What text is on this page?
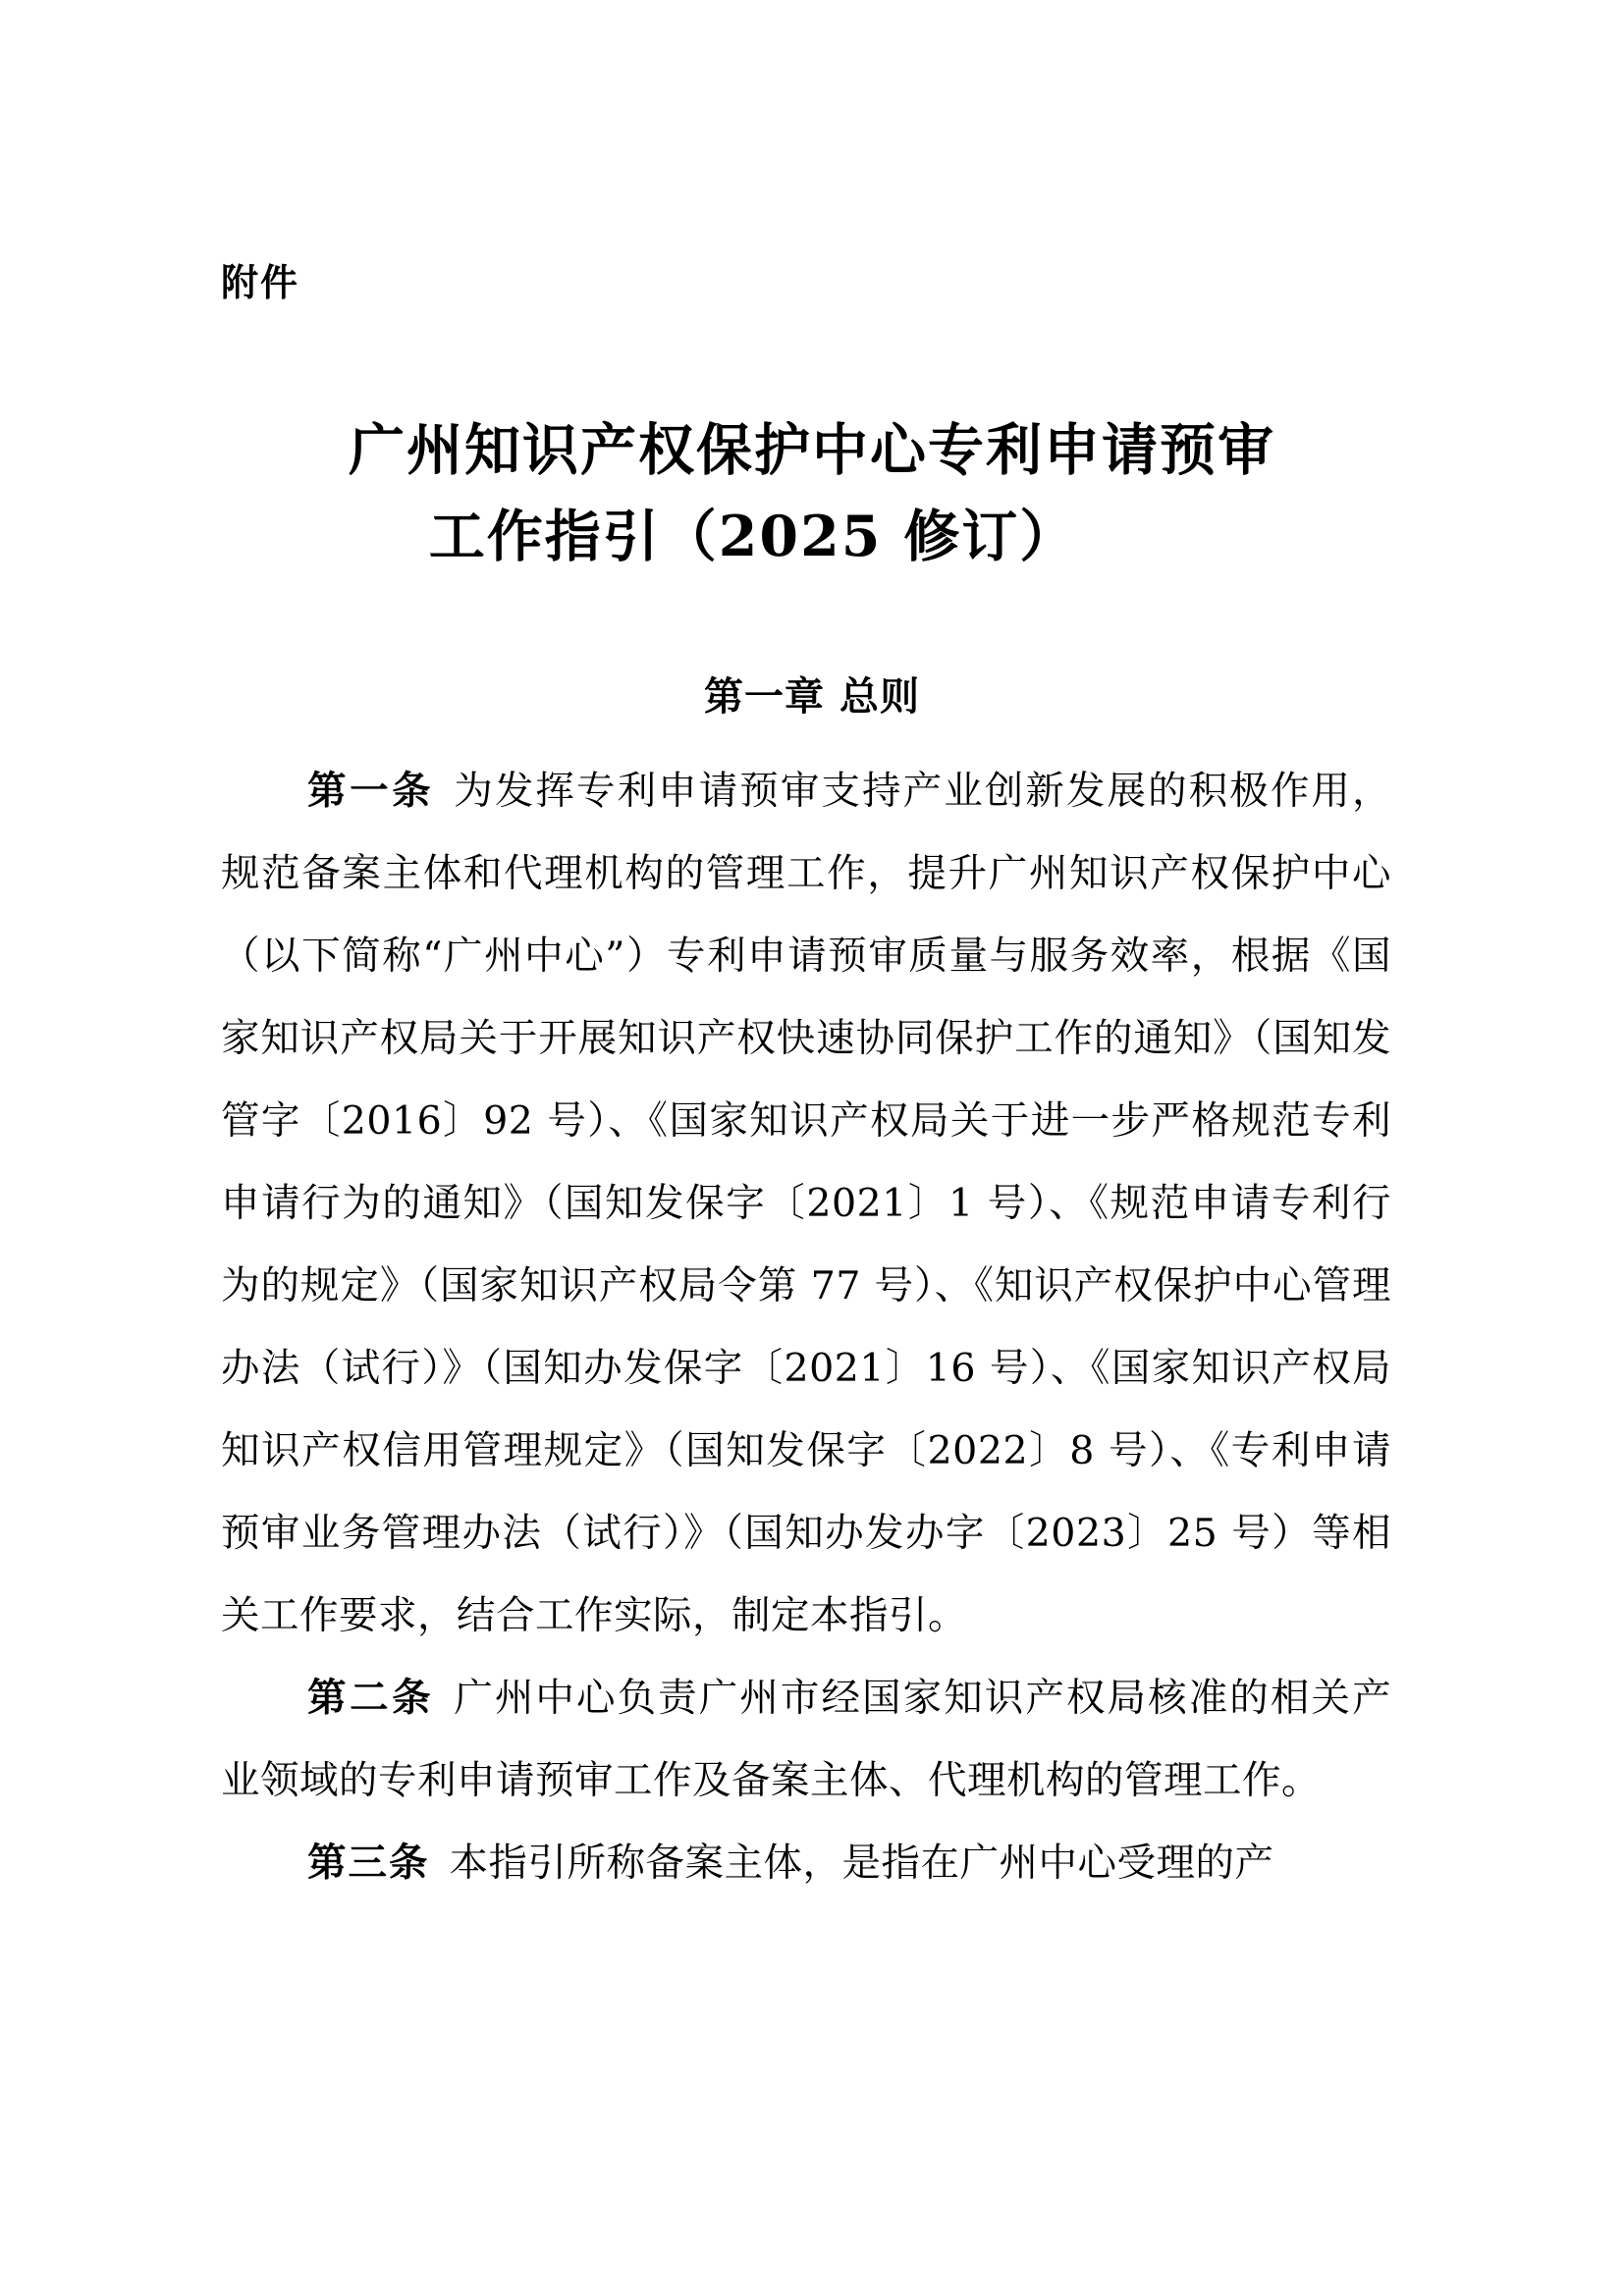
附件
广州知识产权保护中心专利申请预审
工作指引（2025 修订）
第一章 总则

第一条 为发挥专利申请预审支持产业创新发展的积极作用，规范备案主体和代理机构的管理工作，提升广州知识产权保护中心（以下简称“广州中心”）专利申请预审质量与服务效率，根据《国家知识产权局关于开展知识产权快速协同保护工作的通知》（国知发管字〔2016〕92 号）、《国家知识产权局关于进一步严格规范专利申请行为的通知》（国知发保字〔2021〕1 号）、《规范申请专利行为的规定》（国家知识产权局令第 77 号）、《知识产权保护中心管理办法（试行）》（国知办发保字〔2021〕16 号）、《国家知识产权局知识产权信用管理规定》（国知发保字〔2022〕8 号）、《专利申请预审业务管理办法（试行）》（国知办发办字〔2023〕25 号）等相关工作要求，结合工作实际，制定本指引。

第二条 广州中心负责广州市经国家知识产权局核准的相关产业领域的专利申请预审工作及备案主体、代理机构的管理工作。

第三条 本指引所称备案主体，是指在广州中心受理的产
